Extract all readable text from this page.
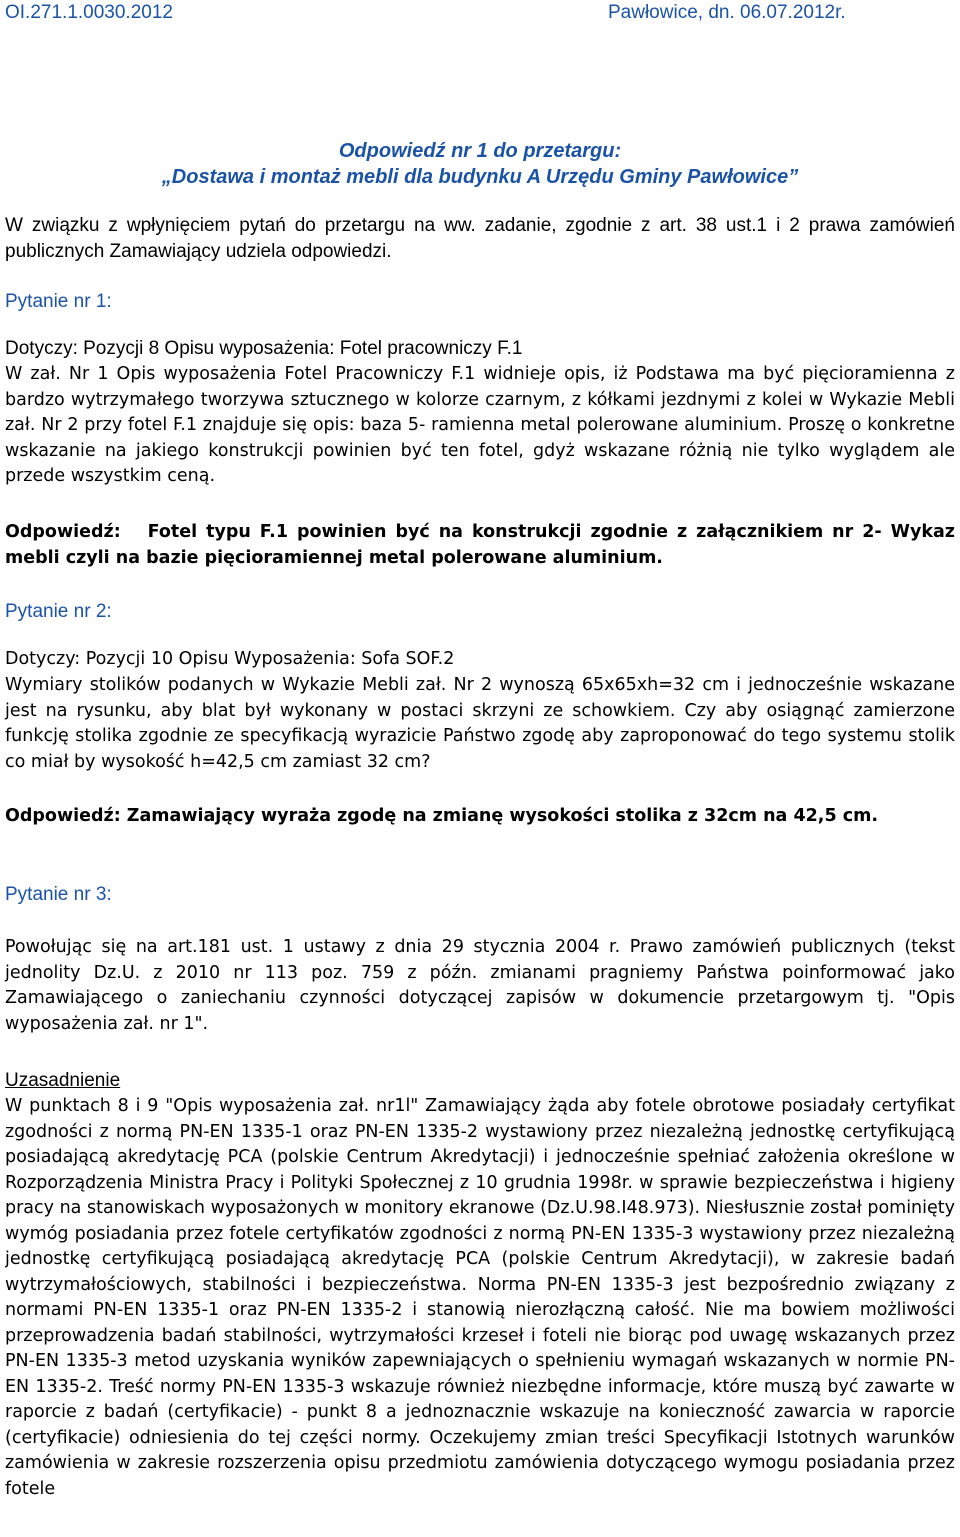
OI.271.1.0030.2012	Pawłowice, dn. 06.07.2012r.
Odpowiedź nr 1 do przetargu:
„Dostawa i montaż mebli dla budynku A Urzędu Gminy Pawłowice”
W związku z wpłynięciem pytań do przetargu na ww. zadanie, zgodnie z art. 38 ust.1 i 2 prawa zamówień publicznych Zamawiający udziela odpowiedzi.
Pytanie nr 1:
Dotyczy: Pozycji 8 Opisu wyposażenia: Fotel pracowniczy F.1
W zał. Nr 1 Opis wyposażenia Fotel Pracowniczy F.1 widnieje opis, iż Podstawa ma być pięcioramienna z bardzo wytrzymałego tworzywa sztucznego w kolorze czarnym, z kółkami jezdnymi z kolei w Wykazie Mebli zał. Nr 2 przy fotel F.1 znajduje się opis: baza 5- ramienna metal polerowane aluminium. Proszę o konkretne wskazanie na jakiego konstrukcji powinien być ten fotel, gdyż wskazane różnią nie tylko wyglądem ale przede wszystkim ceną.
Odpowiedź: Fotel typu F.1 powinien być na konstrukcji zgodnie z załącznikiem nr 2- Wykaz mebli czyli na bazie pięcioramiennej metal polerowane aluminium.
Pytanie nr 2:
Dotyczy: Pozycji 10 Opisu Wyposażenia: Sofa SOF.2
Wymiary stolików podanych w Wykazie Mebli zał. Nr 2 wynoszą 65x65xh=32 cm i jednocześnie wskazane jest na rysunku, aby blat był wykonany w postaci skrzyni ze schowkiem. Czy aby osiągnąć zamierzone funkcję stolika zgodnie ze specyfikacją wyrazicie Państwo zgodę aby zaproponować do tego systemu stolik co miał by wysokość h=42,5 cm zamiast 32 cm?
Odpowiedź: Zamawiający wyraża zgodę na zmianę wysokości stolika z 32cm na 42,5 cm.
Pytanie nr 3:
Powołując się na art.181 ust. 1 ustawy z dnia 29 stycznia 2004 r. Prawo zamówień publicznych (tekst jednolity Dz.U. z 2010 nr 113 poz. 759 z późn. zmianami pragniemy Państwa poinformować jako Zamawiającego o zaniechaniu czynności dotyczącej zapisów w dokumencie przetargowym tj. "Opis wyposażenia zał. nr 1".
Uzasadnienie
W punktach 8 i 9 "Opis wyposażenia zał. nr1l" Zamawiający żąda aby fotele obrotowe posiadały certyfikat zgodności z normą PN-EN 1335-1 oraz PN-EN 1335-2 wystawiony przez niezależną jednostkę certyfikującą posiadającą akredytację PCA (polskie Centrum Akredytacji) i jednocześnie spełniać założenia określone w Rozporządzenia Ministra Pracy i Polityki Społecznej z 10 grudnia 1998r. w sprawie bezpieczeństwa i higieny pracy na stanowiskach wyposażonych w monitory ekranowe (Dz.U.98.I48.973). Niesłusznie został pominięty wymóg posiadania przez fotele certyfikatów zgodności z normą PN-EN 1335-3 wystawiony przez niezależną jednostkę certyfikującą posiadającą akredytację PCA (polskie Centrum Akredytacji), w zakresie badań wytrzymałościowych, stabilności i bezpieczeństwa. Norma PN-EN 1335-3 jest bezpośrednio związany z normami PN-EN 1335-1 oraz PN-EN 1335-2 i stanowią nierozłączną całość. Nie ma bowiem możliwości przeprowadzenia badań stabilności, wytrzymałości krzeseł i foteli nie biorąc pod uwagę wskazanych przez PN-EN 1335-3 metod uzyskania wyników zapewniających o spełnieniu wymagań wskazanych w normie PN-EN 1335-2. Treść normy PN-EN 1335-3 wskazuje również niezbędne informacje, które muszą być zawarte w raporcie z badań (certyfikacie) - punkt 8 a jednoznacznie wskazuje na konieczność zawarcia w raporcie (certyfikacie) odniesienia do tej części normy. Oczekujemy zmian treści Specyfikacji Istotnych warunków zamówienia w zakresie rozszerzenia opisu przedmiotu zamówienia dotyczącego wymogu posiadania przez fotele
